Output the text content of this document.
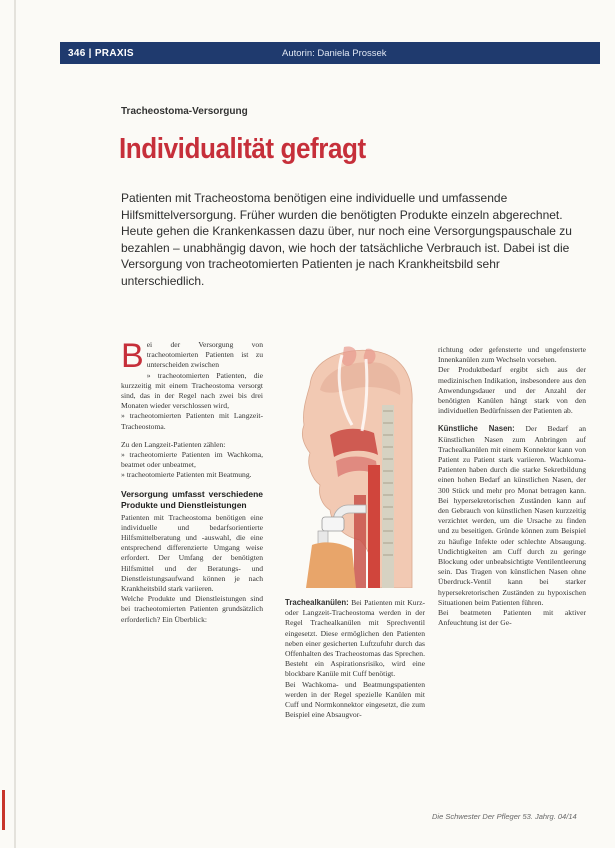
346 | PRAXIS	Autorin: Daniela Prossek
Tracheostoma-Versorgung
Individualität gefragt
Patienten mit Tracheostoma benötigen eine individuelle und umfassende Hilfsmittelversorgung. Früher wurden die benötigten Produkte einzeln abgerechnet. Heute gehen die Krankenkassen dazu über, nur noch eine Versorgungspauschale zu bezahlen – unabhängig davon, wie hoch der tatsächliche Verbrauch ist. Dabei ist die Versorgung von tracheotomierten Patienten je nach Krankheitsbild sehr unterschiedlich.

Bei der Versorgung von tracheotomierten Patienten ist zu unterscheiden zwischen

» tracheotomierten Patienten, die kurzzeitig mit einem Tracheostoma versorgt sind, das in der Regel nach zwei bis drei Monaten wieder verschlossen wird,

» tracheotomierten Patienten mit Langzeit-Tracheostoma.

Zu den Langzeit-Patienten zählen:

» tracheotomierte Patienten im Wachkoma, beatmet oder unbeatmet,

» tracheotomierte Patienten mit Beatmung.

Versorgung umfasst verschiedene Produkte und Dienstleistungen

Patienten mit Tracheostoma benötigen eine individuelle und bedarfsorientierte Hilfsmittelberatung und -auswahl, die eine entsprechend differenzierte Umgang weise erfordert. Der Umfang der benötigten Hilfsmittel und der Beratungs- und Dienstleistungsaufwand können je nach Krankheitsbild stark variieren.

Welche Produkte und Dienstleistungen sind bei tracheotomierten Patienten grundsätzlich erforderlich? Ein Überblick:

Trachealkanülen: Bei Patienten mit Kurz- oder Langzeit-Tracheostoma werden in der Regel Trachealkanülen mit Sprechventil eingesetzt. Diese ermöglichen den Patienten neben einer gesicherten Luftzufuhr durch das Offenhalten des Tracheostomas das Sprechen. Besteht ein Aspirationsrisiko, wird eine blockbare Kanüle mit Cuff benötigt.

Bei Wachkoma- und Beatmungspatienten werden in der Regel spezielle Kanülen mit Cuff und Normkonnektor eingesetzt, die zum Beispiel eine Absaugvor-

richtung oder gefensterte und ungefensterte Innenkanülen zum Wechseln vorsehen.

Der Produktbedarf ergibt sich aus der medizinischen Indikation, insbesondere aus den Anwendungsdauer und der Anzahl der benötigten Kanülen hängt stark von den individuellen Bedürfnissen der Patienten ab.

Künstliche Nasen: Der Bedarf an Künstlichen Nasen zum Anbringen auf Trachealkanülen mit einem Konnektor kann von Patient zu Patient stark variieren. Wachkoma-Patienten haben durch die starke Sekretbildung einen hohen Bedarf an künstlichen Nasen, der 300 Stück und mehr pro Monat betragen kann. Bei hypersekretorischen Zuständen kann auf den Gebrauch von künstlichen Nasen kurzzeitig verzichtet werden, um die Ursache zu finden und zu beseitigen. Gründe können zum Beispiel zu häufige Infekte oder schlechte Absaugung. Undichtigkeiten am Cuff durch zu geringe Blockung oder unbeabsichtigte Ventilentleerung sein. Das Tragen von künstlichen Nasen ohne Überdruck-Ventil kann bei starker hypersekretorischen Zuständen zu hypoxischen Situationen beim Patienten führen.

Bei beatmeten Patienten mit aktiver Anfeuchtung ist der Ge-

Die Schwester Der Pfleger 53. Jahrg. 04/14
